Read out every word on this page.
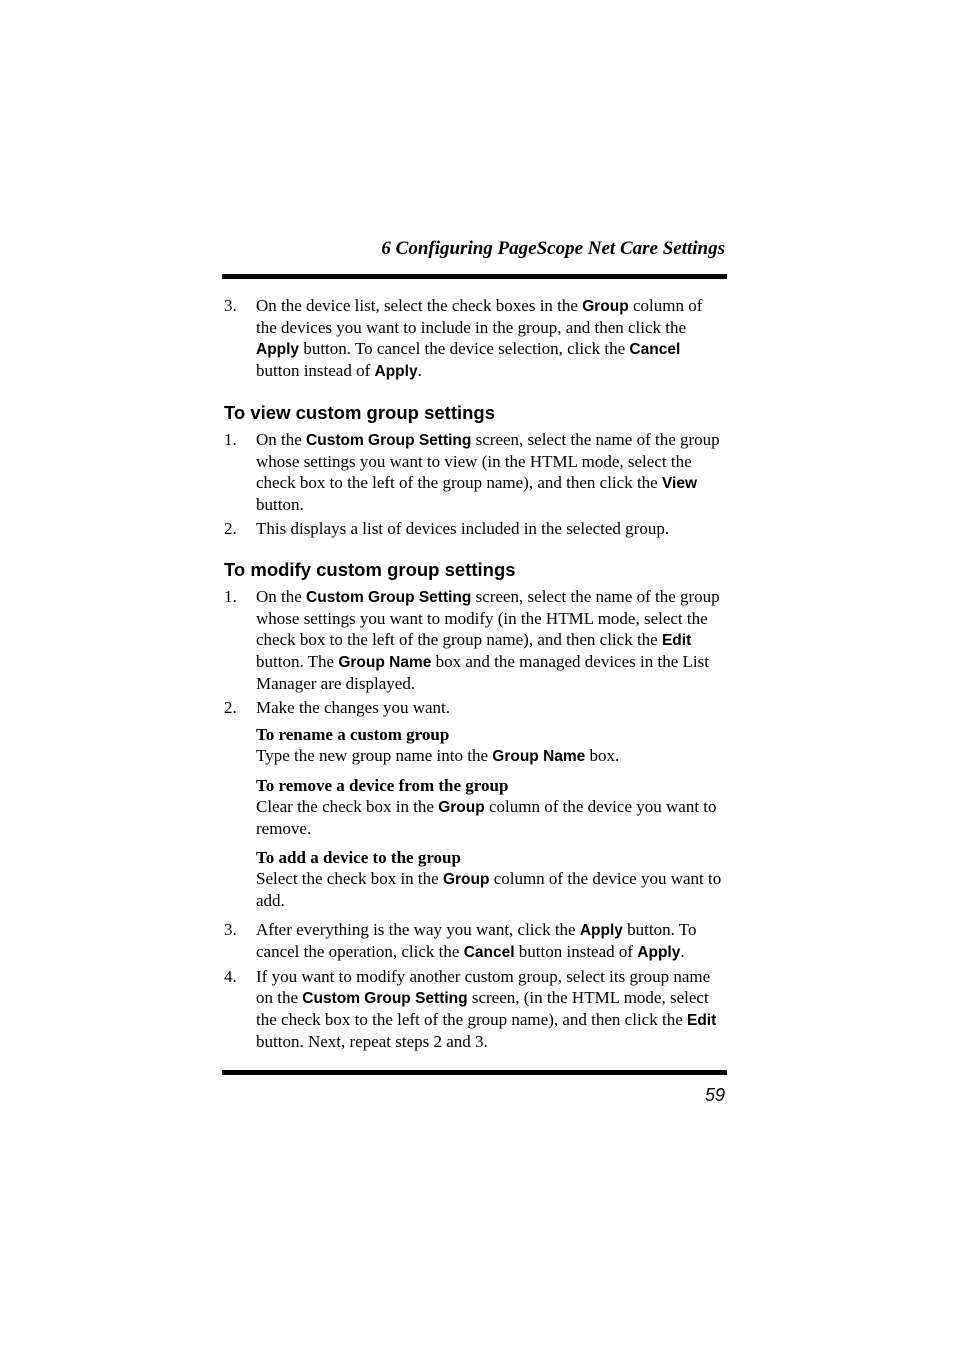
6 Configuring PageScope Net Care Settings
3. On the device list, select the check boxes in the Group column of the devices you want to include in the group, and then click the Apply button. To cancel the device selection, click the Cancel button instead of Apply.
To view custom group settings
1. On the Custom Group Setting screen, select the name of the group whose settings you want to view (in the HTML mode, select the check box to the left of the group name), and then click the View button.
2. This displays a list of devices included in the selected group.
To modify custom group settings
1. On the Custom Group Setting screen, select the name of the group whose settings you want to modify (in the HTML mode, select the check box to the left of the group name), and then click the Edit button. The Group Name box and the managed devices in the List Manager are displayed.
2. Make the changes you want.
To rename a custom group
Type the new group name into the Group Name box.
To remove a device from the group
Clear the check box in the Group column of the device you want to remove.
To add a device to the group
Select the check box in the Group column of the device you want to add.
3. After everything is the way you want, click the Apply button. To cancel the operation, click the Cancel button instead of Apply.
4. If you want to modify another custom group, select its group name on the Custom Group Setting screen, (in the HTML mode, select the check box to the left of the group name), and then click the Edit button. Next, repeat steps 2 and 3.
59
